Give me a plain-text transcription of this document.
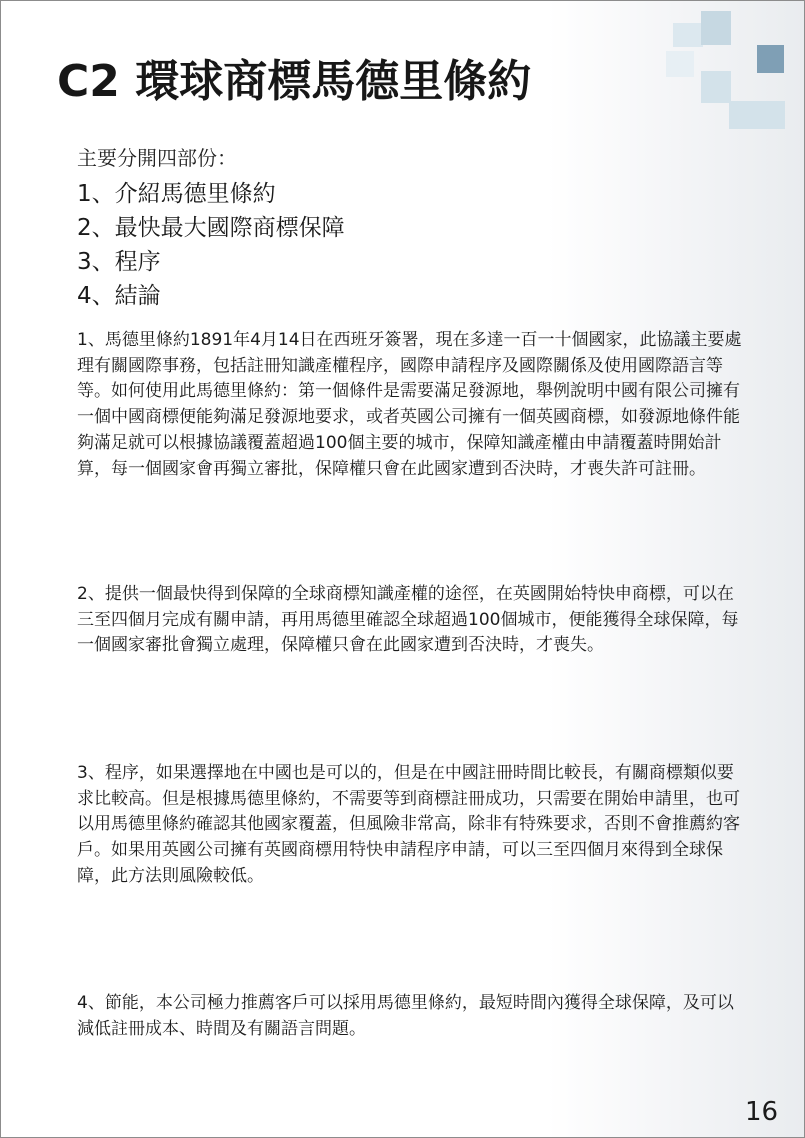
C2 環球商標馬德里條約
主要分開四部份：
1、介紹馬德里條約
2、最快最大國際商標保障
3、程序
4、結論

1、馬德里條約1891年4月14日在西班牙簽署，現在多達一百一十個國家，此協議主要處理有關國際事務，包括註冊知識產權程序，國際申請程序及國際關係及使用國際語言等等。如何使用此馬德里條約：第一個條件是需要滿足發源地，舉例說明中國有限公司擁有一個中國商標便能夠滿足發源地要求，或者英國公司擁有一個英國商標，如發源地條件能夠滿足就可以根據協議覆蓋超過100個主要的城市，保障知識產權由申請覆蓋時開始計算，每一個國家會再獨立審批，保障權只會在此國家遭到否決時，才喪失許可註冊。

2、提供一個最快得到保障的全球商標知識產權的途徑，在英國開始特快申商標，可以在三至四個月完成有關申請，再用馬德里確認全球超過100個城市，便能獲得全球保障，每一個國家審批會獨立處理，保障權只會在此國家遭到否決時，才喪失。

3、程序，如果選擇地在中國也是可以的，但是在中國註冊時間比較長，有關商標類似要求比較高。但是根據馬德里條約，不需要等到商標註冊成功，只需要在開始申請里，也可以用馬德里條約確認其他國家覆蓋，但風險非常高，除非有特殊要求，否則不會推薦約客戶。如果用英國公司擁有英國商標用特快申請程序申請，可以三至四個月來得到全球保障，此方法則風險較低。

4、節能，本公司極力推薦客戶可以採用馬德里條約，最短時間內獲得全球保障，及可以減低註冊成本、時間及有關語言問題。

16
